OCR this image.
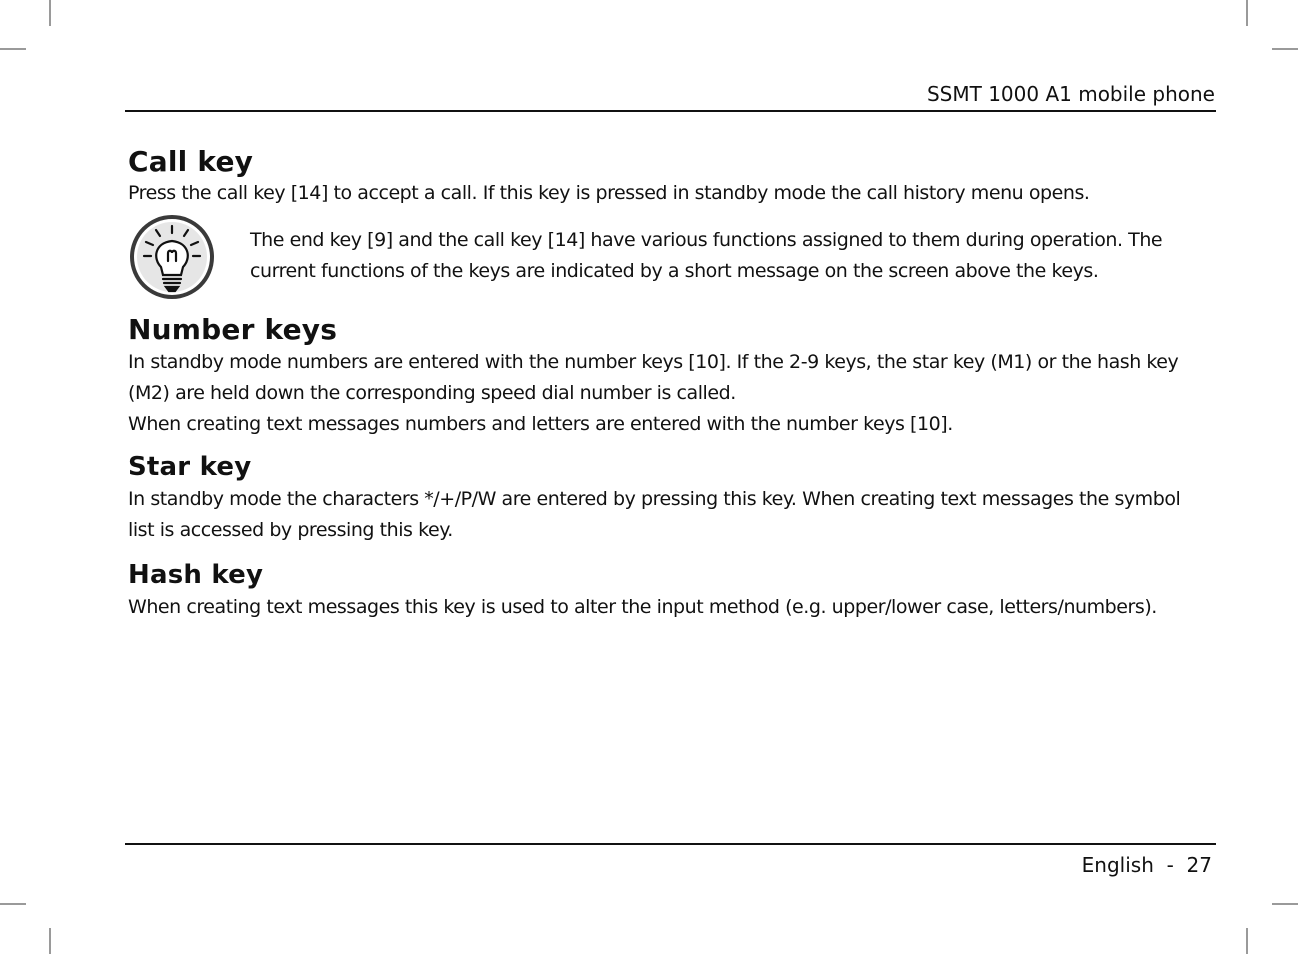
SSMT 1000 A1 mobile phone
Call key

Press the call key [14] to accept a call. If this key is pressed in standby mode the call history menu opens.

The end key [9] and the call key [14] have various functions assigned to them during operation. The
current functions of the keys are indicated by a short message on the screen above the keys.
Number keys

In standby mode numbers are entered with the number keys [10]. If the 2-9 keys, the star key (M1) or the hash key

(M2) are held down the corresponding speed dial number is called.

When creating text messages numbers and letters are entered with the number keys [10].

Star key

In standby mode the characters */+/P/W are entered by pressing this key. When creating text messages the symbol

list is accessed by pressing this key.

Hash key

When creating text messages this key is used to alter the input method (e.g. upper/lower case, letters/numbers).

English - 27
